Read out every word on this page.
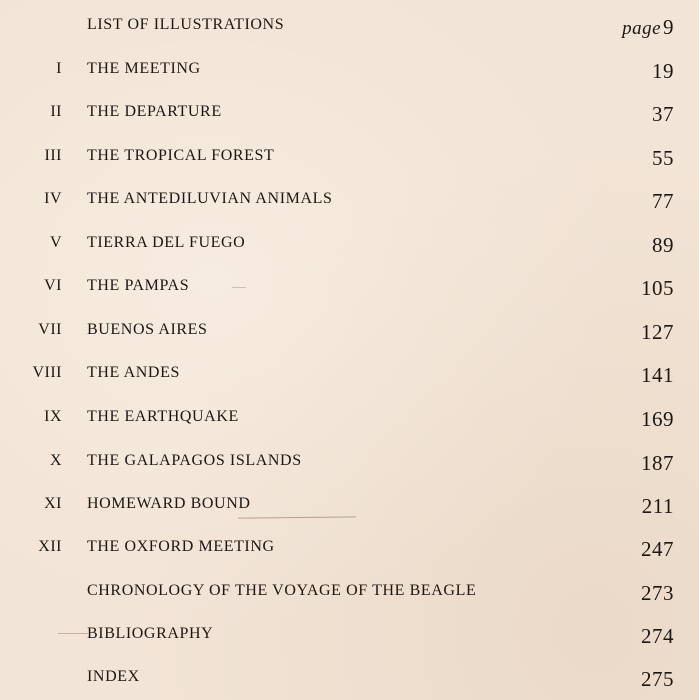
LIST OF ILLUSTRATIONS	page9
I THE MEETING	19
II THE DEPARTURE	37
III THE TROPICAL FOREST	55
IV THE ANTEDILUVIAN ANIMALS	77
V TIERRA DEL FUEGO	89
VI THE PAMPAS	105
VII BUENOS AIRES	127
VIII THE ANDES	141
IX THE EARTHQUAKE	169
X THE GALAPAGOS ISLANDS	187
XI HOMEWARD BOUND	211
XII THE OXFORD MEETING	247
CHRONOLOGY OF THE VOYAGE OF THE BEAGLE	273
BIBLIOGRAPHY	274
INDEX	275
